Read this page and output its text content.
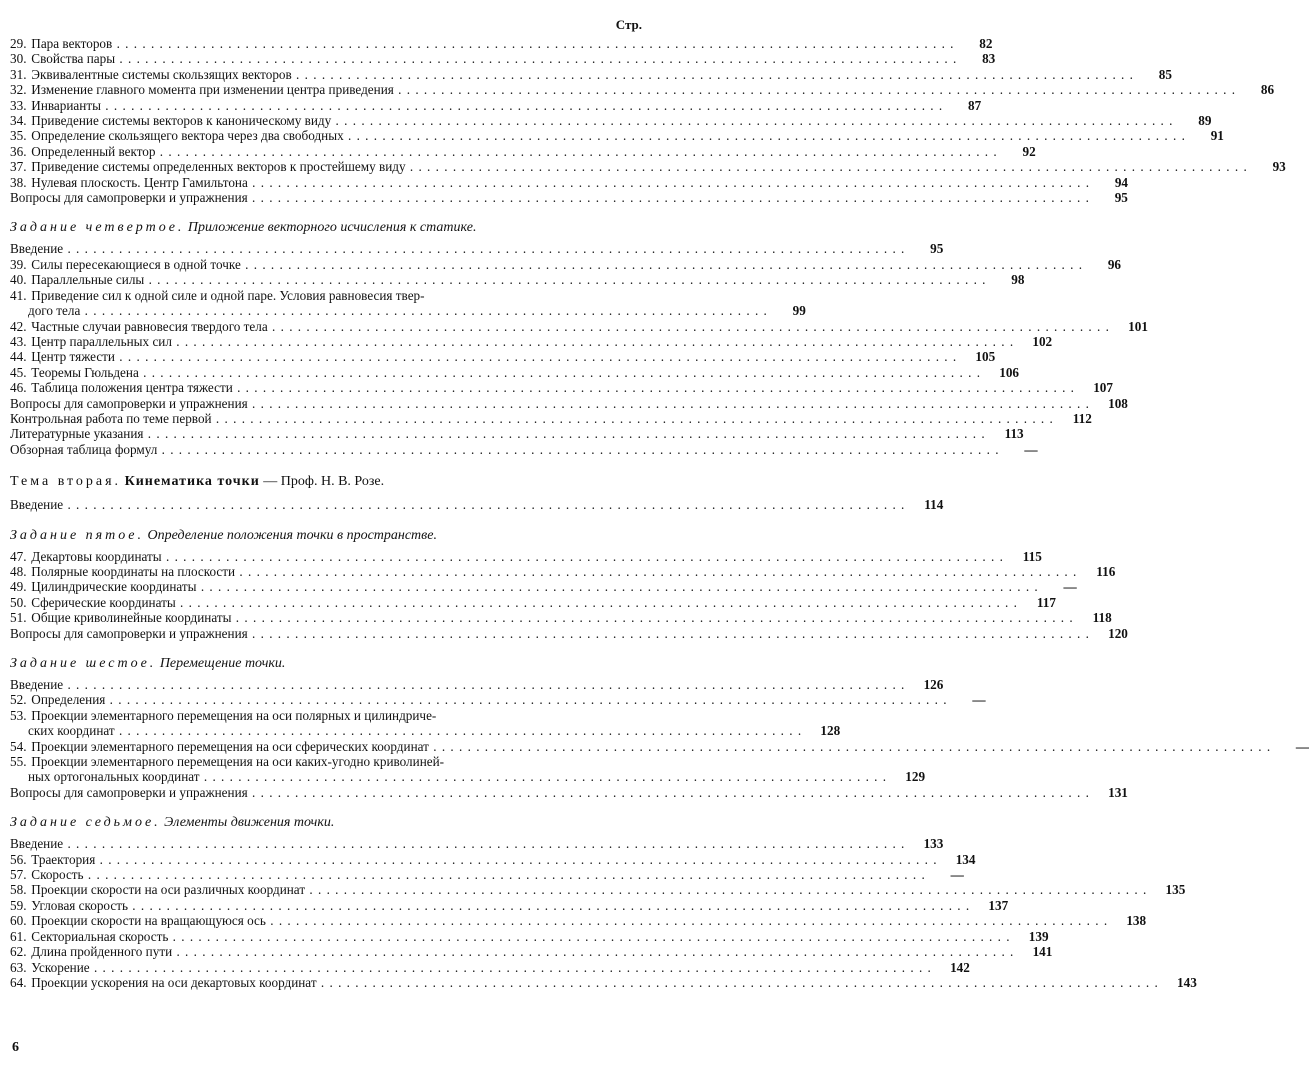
Стр.
29. Пара векторов . . .	82
30. Свойства пары . . .	83
31. Эквивалентные системы скользящих векторов . . .	85
32. Изменение главного момента при изменении центра приведения . . .	86
33. Инварианты . . .	87
34. Приведение системы векторов к каноническому виду . . .	89
35. Определение скользящего вектора через два свободных . . .	91
36. Определенный вектор . . .	92
37. Приведение системы определенных векторов к простейшему виду . . .	93
38. Нулевая плоскость. Центр Гамильтона . . .	94
Вопросы для самопроверки и упражнения . . .	95
Задание четвертое. Приложение векторного исчисления к статике.
Введение . . .	95
39. Силы пересекающиеся в одной точке . . .	96
40. Параллельные силы . . .	98
41. Приведение сил к одной силе и одной паре. Условия равновесия твер-
дого тела . . .	99
42. Частные случаи равновесия твердого тела . . .	101
43. Центр параллельных сил . . .	102
44. Центр тяжести . . .	105
45. Теоремы Гюльдена . . .	106
46. Таблица положения центра тяжести . . .	107
Вопросы для самопроверки и упражнения . . .	108
Контрольная работа по теме первой . . .	112
Литературные указания . . .	113
Обзорная таблица формул . . .	—
Тема вторая. Кинематика точки — Проф. Н. В. Розе.
Введение . . .	114
Задание пятое. Определение положения точки в пространстве.
47. Декартовы координаты . . .	115
48. Полярные координаты на плоскости . . .	116
49. Цилиндрические координаты . . .	—
50. Сферические координаты . . .	117
51. Общие криволинейные координаты . . .	118
Вопросы для самопроверки и упражнения . . .	120
Задание шестое. Перемещение точки.
Введение . . .	126
52. Определения . . .	—
53. Проекции элементарного перемещения на оси полярных и цилиндриче-
ских координат . . .	128
54. Проекции элементарного перемещения на оси сферических координат . . .	—
55. Проекции элементарного перемещения на оси каких-угодно криволиней-
ных ортогональных координат . . .	129
Вопросы для самопроверки и упражнения . . .	131
Задание седьмое. Элементы движения точки.
Введение . . .	133
56. Траектория . . .	134
57. Скорость . . .	—
58. Проекции скорости на оси различных координат . . .	135
59. Угловая скорость . . .	137
60. Проекции скорости на вращающуюся ось . . .	138
61. Секториальная скорость . . .	139
62. Длина пройденного пути . . .	141
63. Ускорение . . .	142
64. Проекции ускорения на оси декартовых координат . . .	143
6
